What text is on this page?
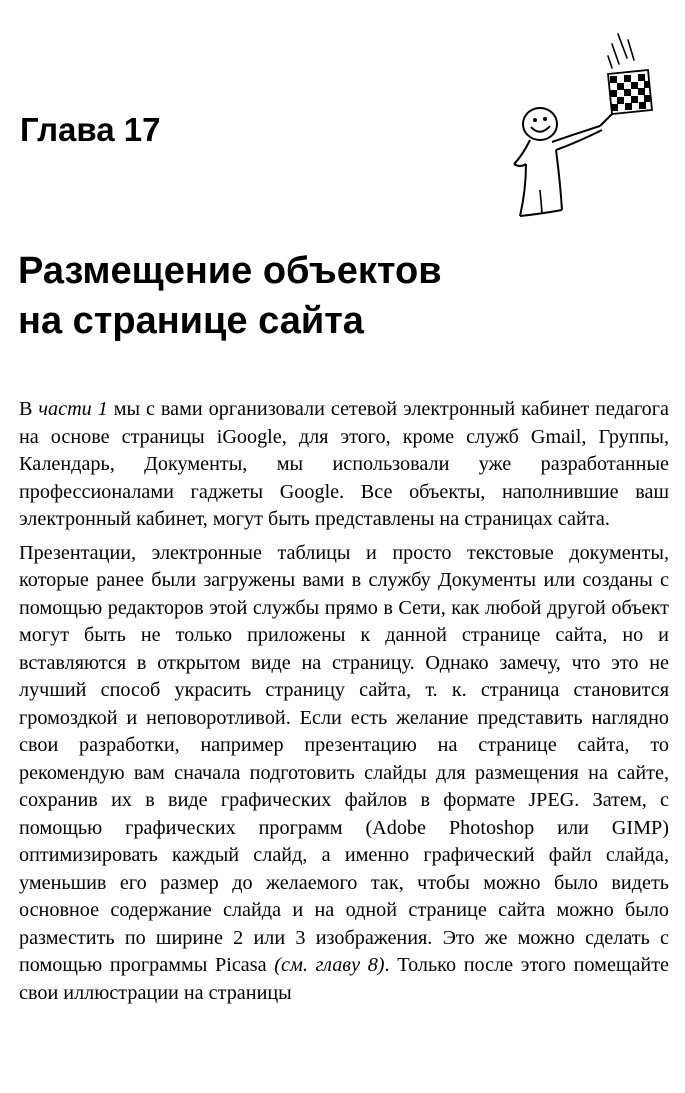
Глава 17
Размещение объектов
на странице сайта

В части 1 мы с вами организовали сетевой электронный кабинет педагога на основе страницы iGoogle, для этого, кроме служб Gmail, Группы, Календарь, Документы, мы использовали уже разработанные профессионалами гаджеты Google. Все объекты, наполнившие ваш электронный кабинет, могут быть представлены на страницах сайта.

Презентации, электронные таблицы и просто текстовые документы, которые ранее были загружены вами в службу Документы или созданы с помощью редакторов этой службы прямо в Сети, как любой другой объект могут быть не только приложены к данной странице сайта, но и вставляются в открытом виде на страницу. Однако замечу, что это не лучший способ украсить страницу сайта, т. к. страница становится громоздкой и неповоротливой. Если есть желание представить наглядно свои разработки, например презентацию на странице сайта, то рекомендую вам сначала подготовить слайды для размещения на сайте, сохранив их в виде графических файлов в формате JPEG. Затем, с помощью графических программ (Adobe Photoshop или GIMP) оптимизировать каждый слайд, а именно графический файл слайда, уменьшив его размер до желаемого так, чтобы можно было видеть основное содержание слайда и на одной странице сайта можно было разместить по ширине 2 или 3 изображения. Это же можно сделать с помощью программы Picasa (см. главу 8). Только после этого помещайте свои иллюстрации на страницы
